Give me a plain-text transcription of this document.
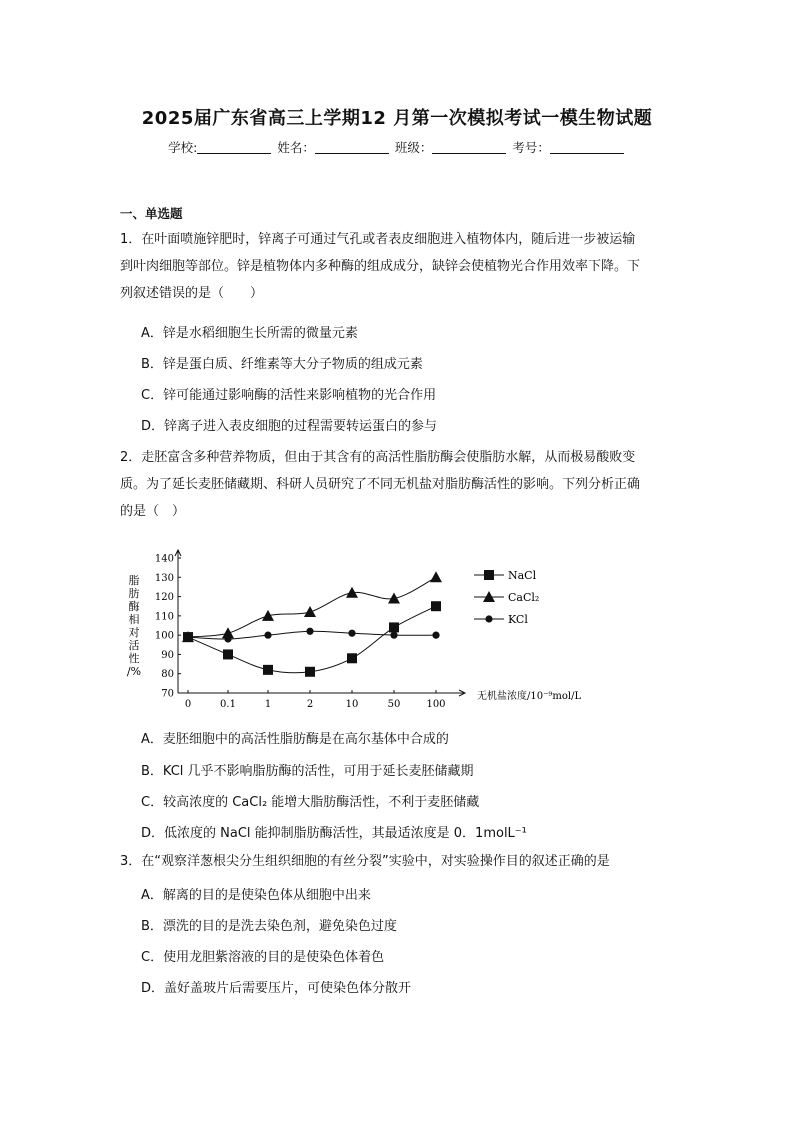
2025届广东省高三上学期12 月第一次模拟考试一模生物试题
学校:	姓名：	班级：	考号：
一、单选题
1．在叶面喷施锌肥时，锌离子可通过气孔或者表皮细胞进入植物体内，随后进一步被运输
到叶肉细胞等部位。锌是植物体内多种酶的组成成分，缺锌会使植物光合作用效率下降。下
列叙述错误的是（　　）
A．锌是水稻细胞生长所需的微量元素
B．锌是蛋白质、纤维素等大分子物质的组成元素
C．锌可能通过影响酶的活性来影响植物的光合作用
D．锌离子进入表皮细胞的过程需要转运蛋白的参与
2．走胚富含多种营养物质，但由于其含有的高活性脂肪酶会使脂肪水解，从而极易酸败变
质。为了延长麦胚储藏期、科研人员研究了不同无机盐对脂肪酶活性的影响。下列分析正确
的是（　）
脂
肪
酶
相
对
活
性
/%
70
80
90
100
110
120
130
140
0	0.1	1	2	10	50	100
NaCl
CaCl₂
KCl
无机盐浓度/10⁻⁹mol/L
A．麦胚细胞中的高活性脂肪酶是在高尔基体中合成的
B．KCl 几乎不影响脂肪酶的活性，可用于延长麦胚储藏期
C．较高浓度的 CaCl₂ 能增大脂肪酶活性，不利于麦胚储藏
D．低浓度的 NaCl 能抑制脂肪酶活性，其最适浓度是 0．1molL⁻¹
3．在“观察洋葱根尖分生组织细胞的有丝分裂”实验中，对实验操作目的叙述正确的是
A．解离的目的是使染色体从细胞中出来
B．漂洗的目的是洗去染色剂，避免染色过度
C．使用龙胆紫溶液的目的是使染色体着色
D．盖好盖玻片后需要压片，可使染色体分散开
